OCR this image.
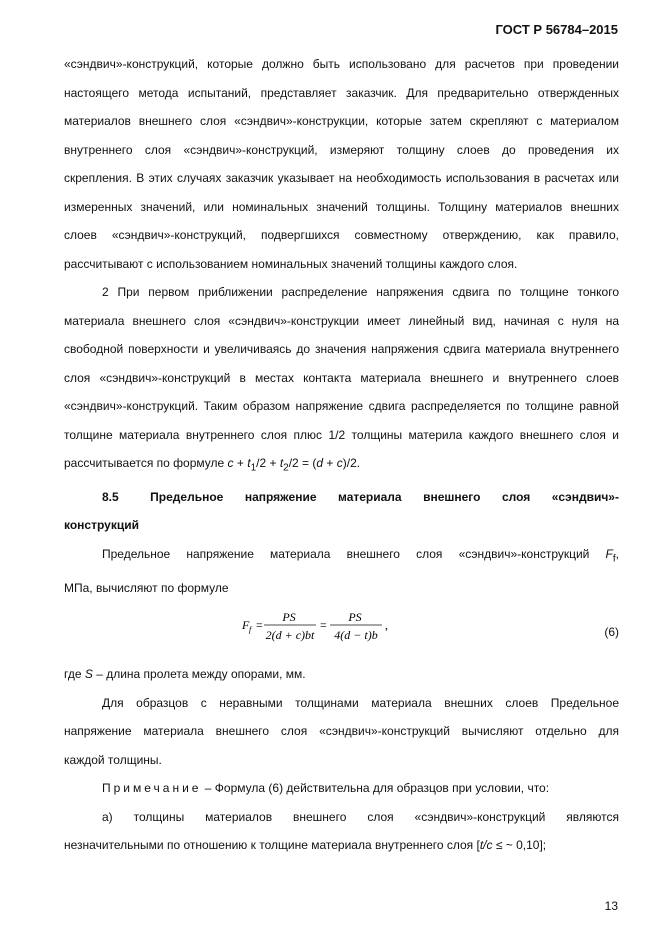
ГОСТ Р 56784–2015

«сэндвич»-конструкций, которые должно быть использовано для расчетов при проведении

настоящего метода испытаний, представляет заказчик. Для предварительно отвержденных

материалов внешнего слоя «сэндвич»-конструкции, которые затем скрепляют с материалом

внутреннего слоя «сэндвич»-конструкций, измеряют толщину слоев до проведения их

скрепления. В этих случаях заказчик указывает на необходимость использования в расчетах или

измеренных значений, или номинальных значений толщины. Толщину материалов внешних

слоев «сэндвич»-конструкций, подвергшихся совместному отверждению, как правило,

рассчитывают с использованием номинальных значений толщины каждого слоя.

2 При первом приближении распределение напряжения сдвига по толщине тонкого

материала внешнего слоя «сэндвич»-конструкции имеет линейный вид, начиная с нуля на

свободной поверхности и увеличиваясь до значения напряжения сдвига материала внутреннего

слоя «сэндвич»-конструкций в местах контакта материала внешнего и внутреннего слоев

«сэндвич»-конструкций. Таким образом напряжение сдвига распределяется по толщине равной

толщине материала внутреннего слоя плюс 1/2 толщины материла каждого внешнего слоя и

рассчитывается по формуле $c + t_1/2 + t_2/2 = (d + c)/2$.

8.5	Предельное напряжение материала внешнего слоя «сэндвич»-

конструкций

Предельное напряжение материала внешнего слоя «сэндвич»-конструкций $F_f$,

МПа, вычисляют по формуле

F f =
PS
2(d + c)bt
=
PS
4(d − t)b
,	(6)

где S – длина пролета между опорами, мм.

Для образцов с неравными толщинами материала внешних слоев Предельное

напряжение материала внешнего слоя «сэндвич»-конструкций вычисляют отдельно для

каждой толщины.

Примечание – Формула (6) действительна для образцов при условии, что:

а) толщины материалов внешнего слоя «сэндвич»-конструкций являются

незначительными по отношению к толщине материала внутреннего слоя [t/c ≤ ~ 0,10];

13
